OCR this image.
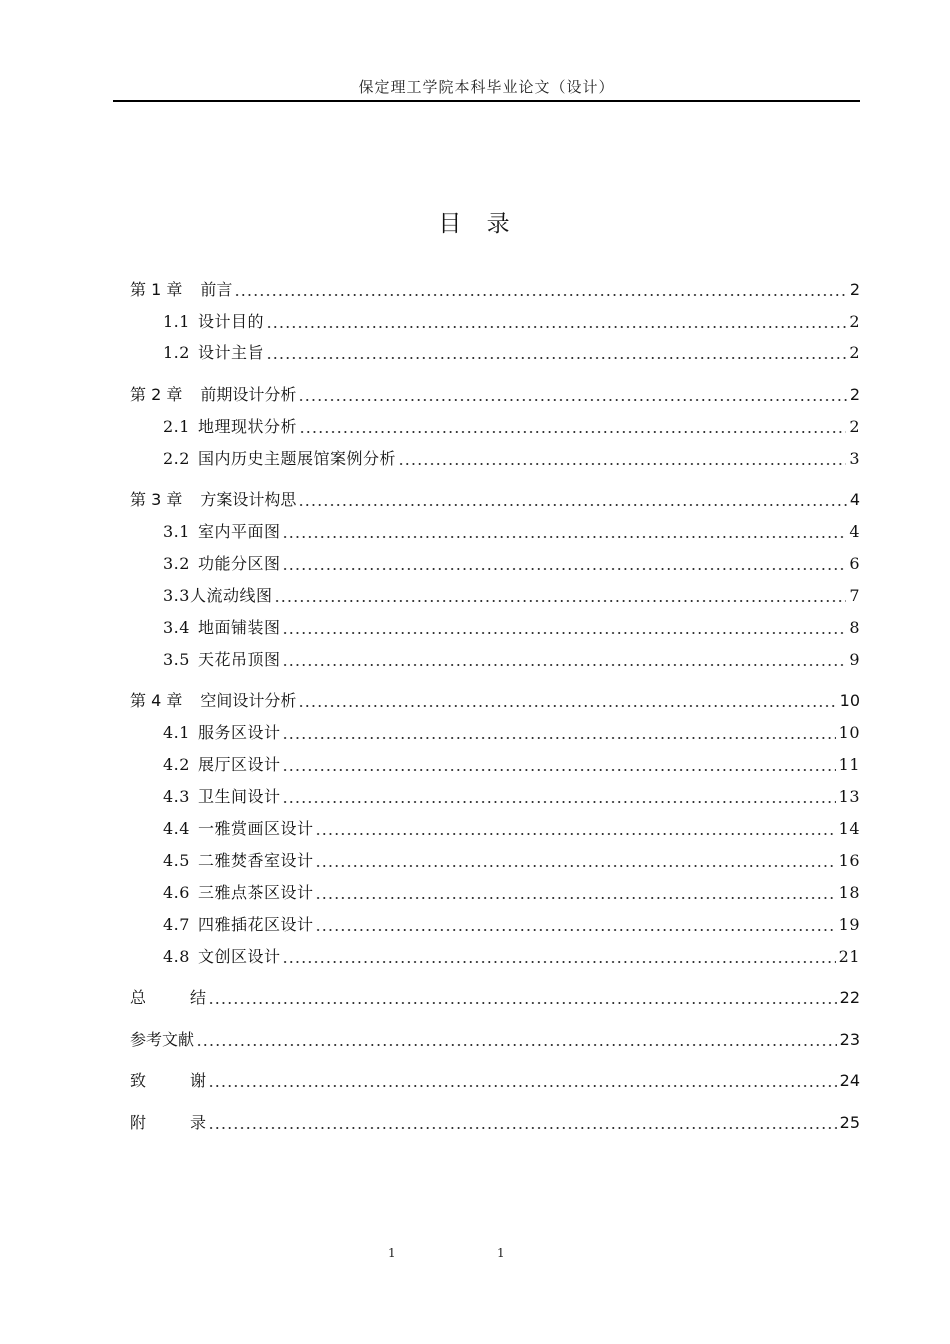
保定理工学院本科毕业论文（设计）
目 录
第 1 章 前言	2
1.1 设计目的	2
1.2 设计主旨	2
第 2 章 前期设计分析	2
2.1 地理现状分析	2
2.2 国内历史主题展馆案例分析	3
第 3 章 方案设计构思	4
3.1 室内平面图	4
3.2 功能分区图	6
3.3 人流动线图	7
3.4 地面铺装图	8
3.5 天花吊顶图	9
第 4 章 空间设计分析	10
4.1 服务区设计	10
4.2 展厅区设计	11
4.3 卫生间设计	13
4.4 一雅赏画区设计	14
4.5 二雅焚香室设计	16
4.6 三雅点茶区设计	18
4.7 四雅插花区设计	19
4.8 文创区设计	21
总	结	22
参考文献	23
致	谢	24
附	录	25
1	1
